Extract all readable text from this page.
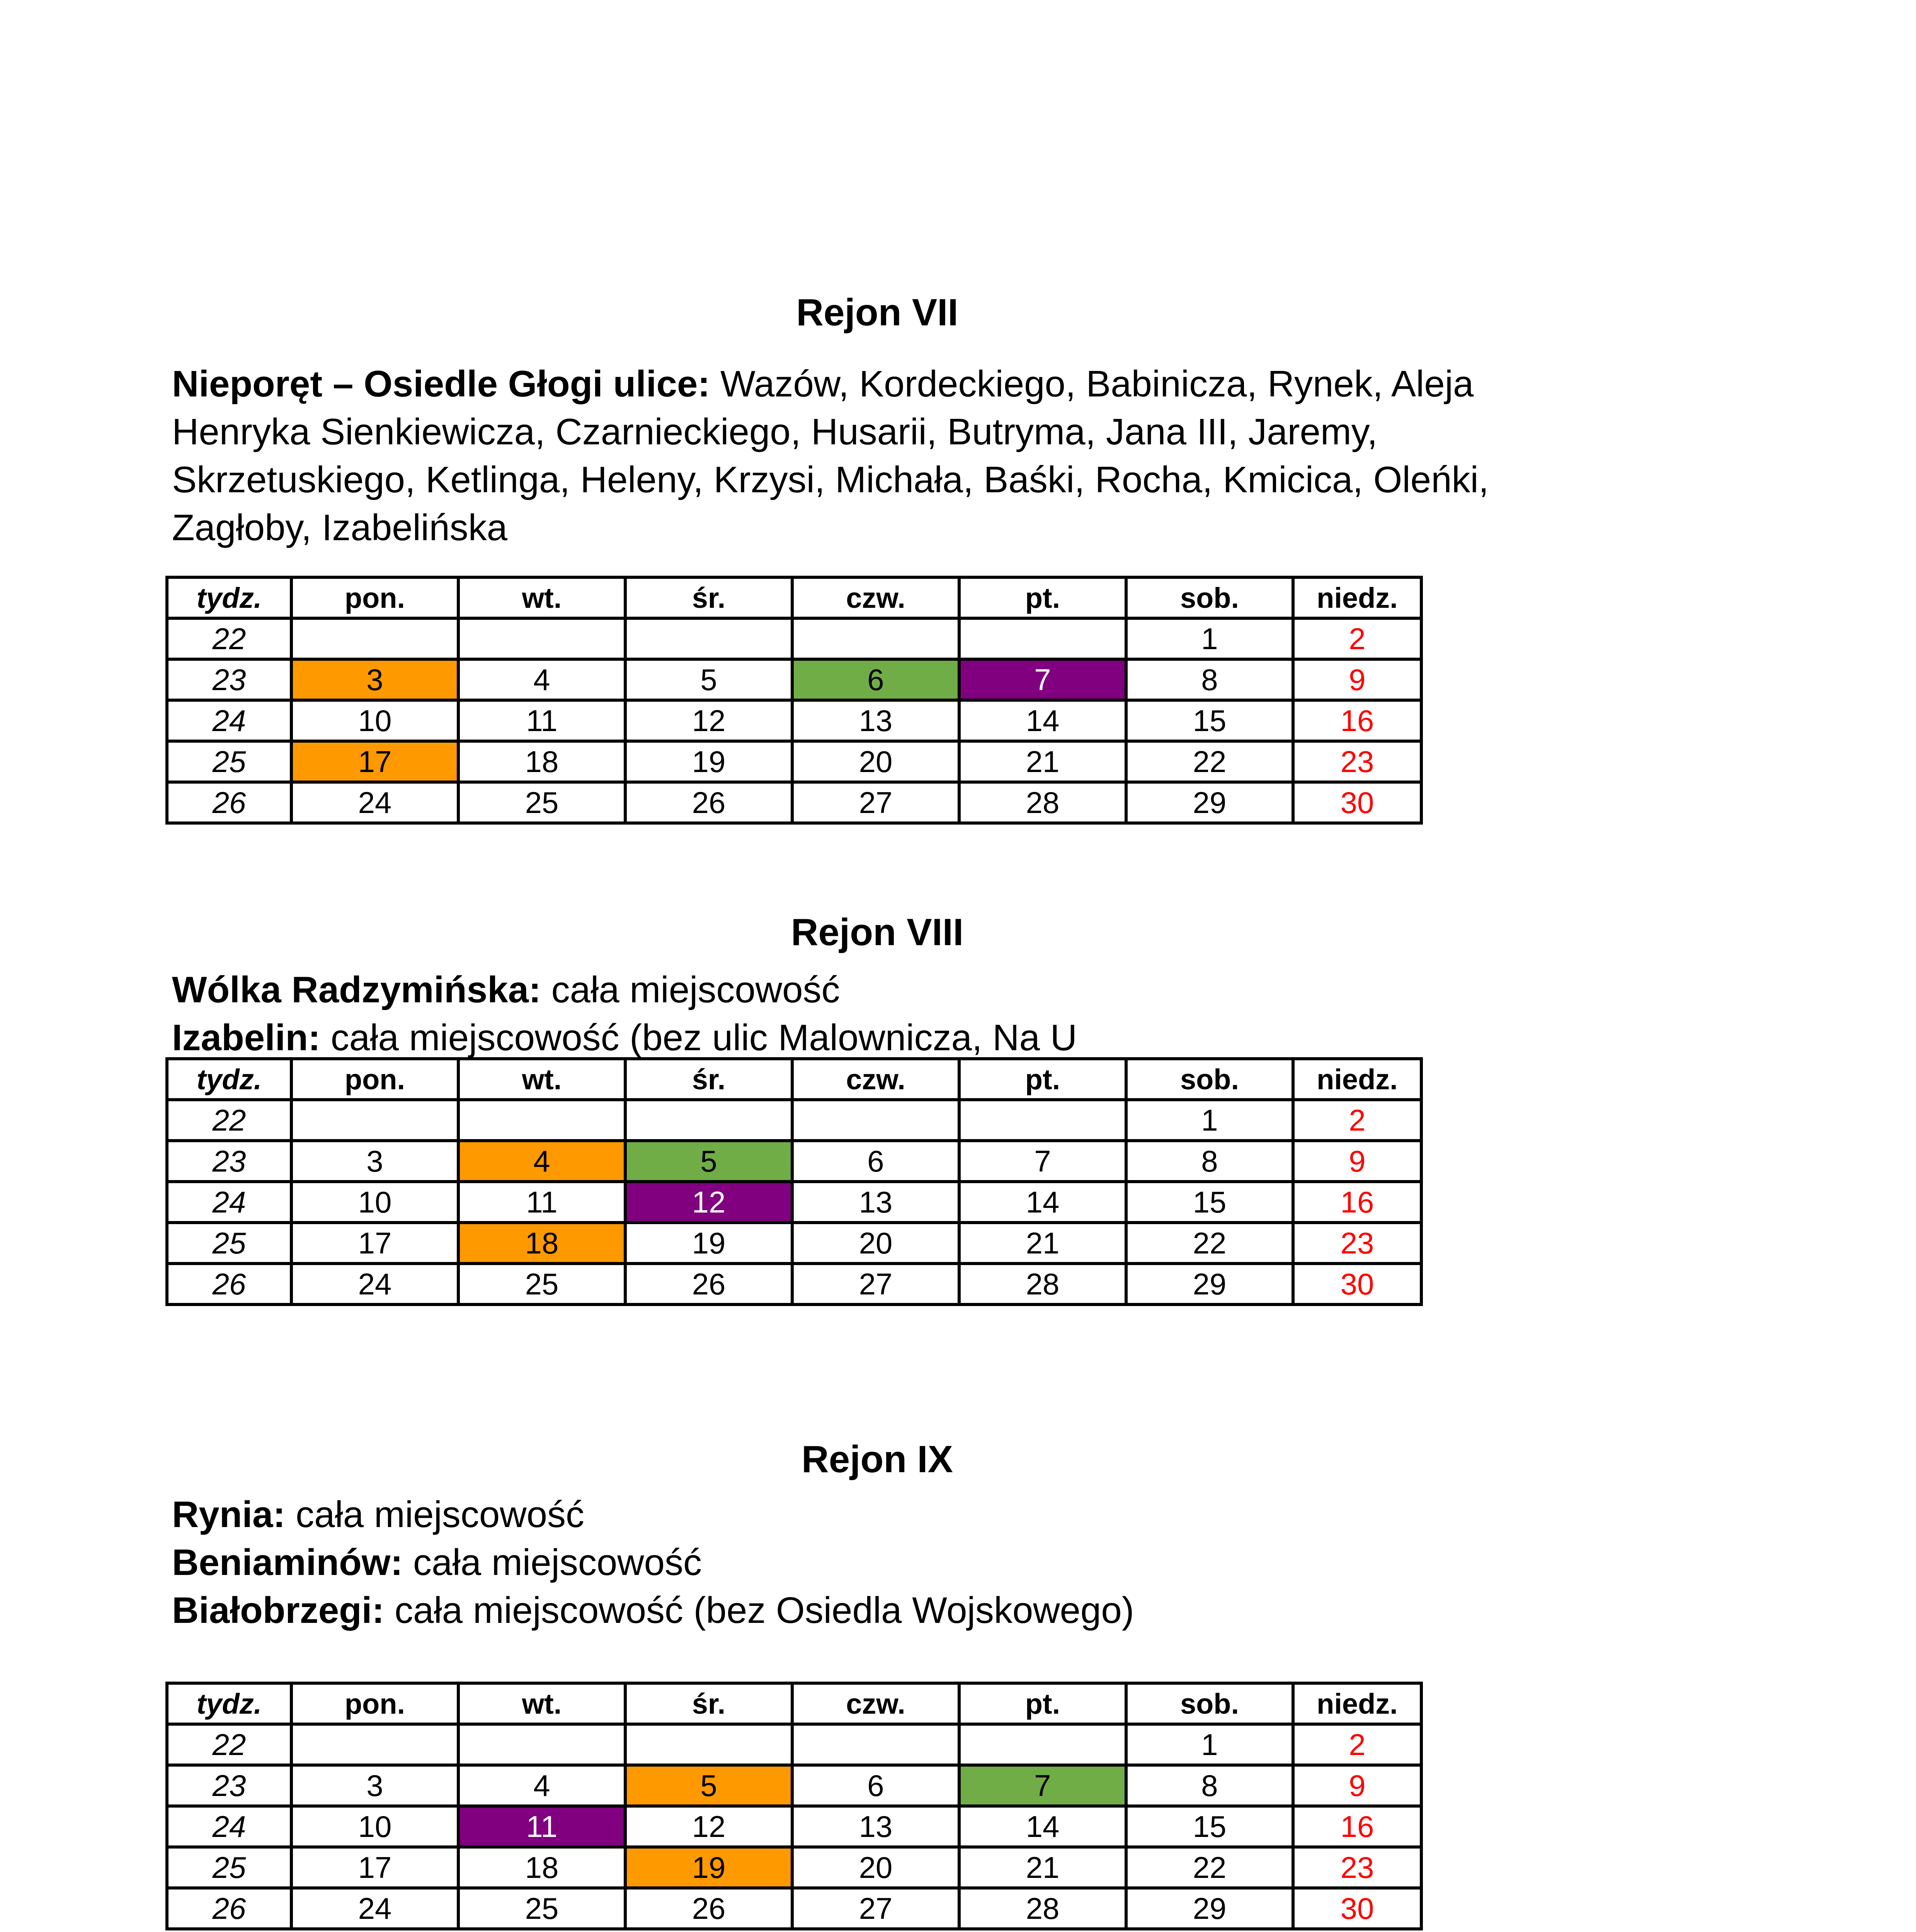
Rejon VII
Nieporęt – Osiedle Głogi ulice: Wazów, Kordeckiego, Babinicza, Rynek, Aleja
Henryka Sienkiewicza, Czarnieckiego, Husarii, Butryma, Jana III, Jaremy,
Skrzetuskiego, Ketlinga, Heleny, Krzysi, Michała, Baśki, Rocha, Kmicica, Oleńki,
Zagłoby, Izabelińska
tydz.	pon.	wt.	śr.	czw.	pt.	sob.	niedz.
22						1	2
23	3	4	5	6	7	8	9
24	10	11	12	13	14	15	16
25	17	18	19	20	21	22	23
26	24	25	26	27	28	29	30
Rejon VIII
Wólka Radzymińska: cała miejscowość
Izabelin: cała miejscowość (bez ulic Malownicza, Na U
tydz.	pon.	wt.	śr.	czw.	pt.	sob.	niedz.
22						1	2
23	3	4	5	6	7	8	9
24	10	11	12	13	14	15	16
25	17	18	19	20	21	22	23
26	24	25	26	27	28	29	30
Rejon IX
Rynia: cała miejscowość
Beniaminów: cała miejscowość
Białobrzegi: cała miejscowość (bez Osiedla Wojskowego)
tydz.	pon.	wt.	śr.	czw.	pt.	sob.	niedz.
22						1	2
23	3	4	5	6	7	8	9
24	10	11	12	13	14	15	16
25	17	18	19	20	21	22	23
26	24	25	26	27	28	29	30
